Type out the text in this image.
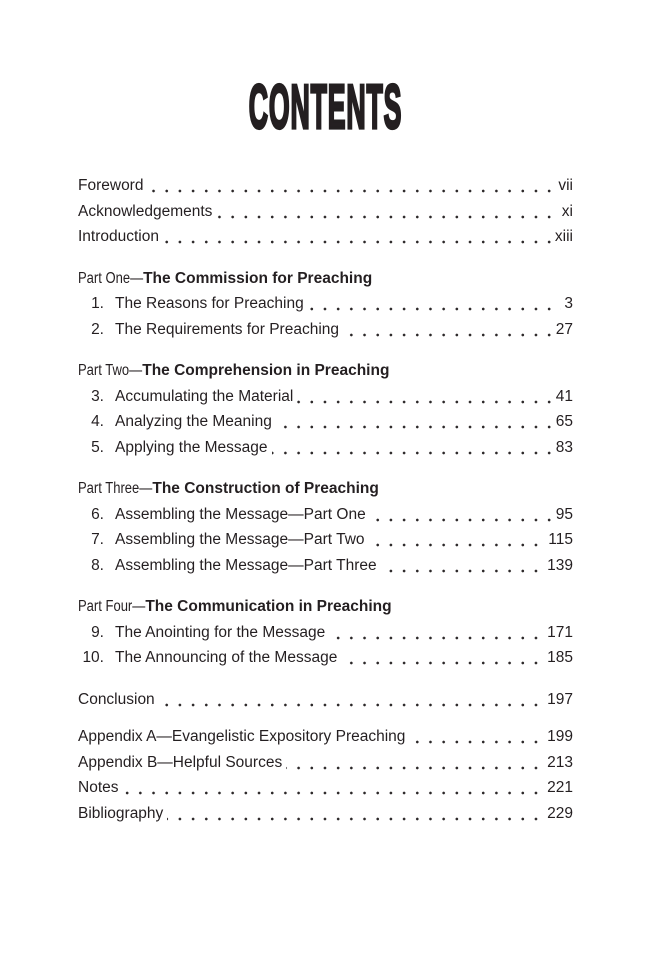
CONTENTS
Foreword	vii
Acknowledgements	xi
Introduction	xiii
Part One— The Commission for Preaching
1. The Reasons for Preaching	3
2. The Requirements for Preaching	27
Part Two— The Comprehension in Preaching
3. Accumulating the Material	41
4. Analyzing the Meaning	65
5. Applying the Message	83
Part Three— The Construction of Preaching
6. Assembling the Message—Part One	95
7. Assembling the Message—Part Two	115
8. Assembling the Message—Part Three	139
Part Four— The Communication in Preaching
9. The Anointing for the Message	171
10. The Announcing of the Message	185
Conclusion	197
Appendix A—Evangelistic Expository Preaching	199
Appendix B—Helpful Sources	213
Notes	221
Bibliography	229
